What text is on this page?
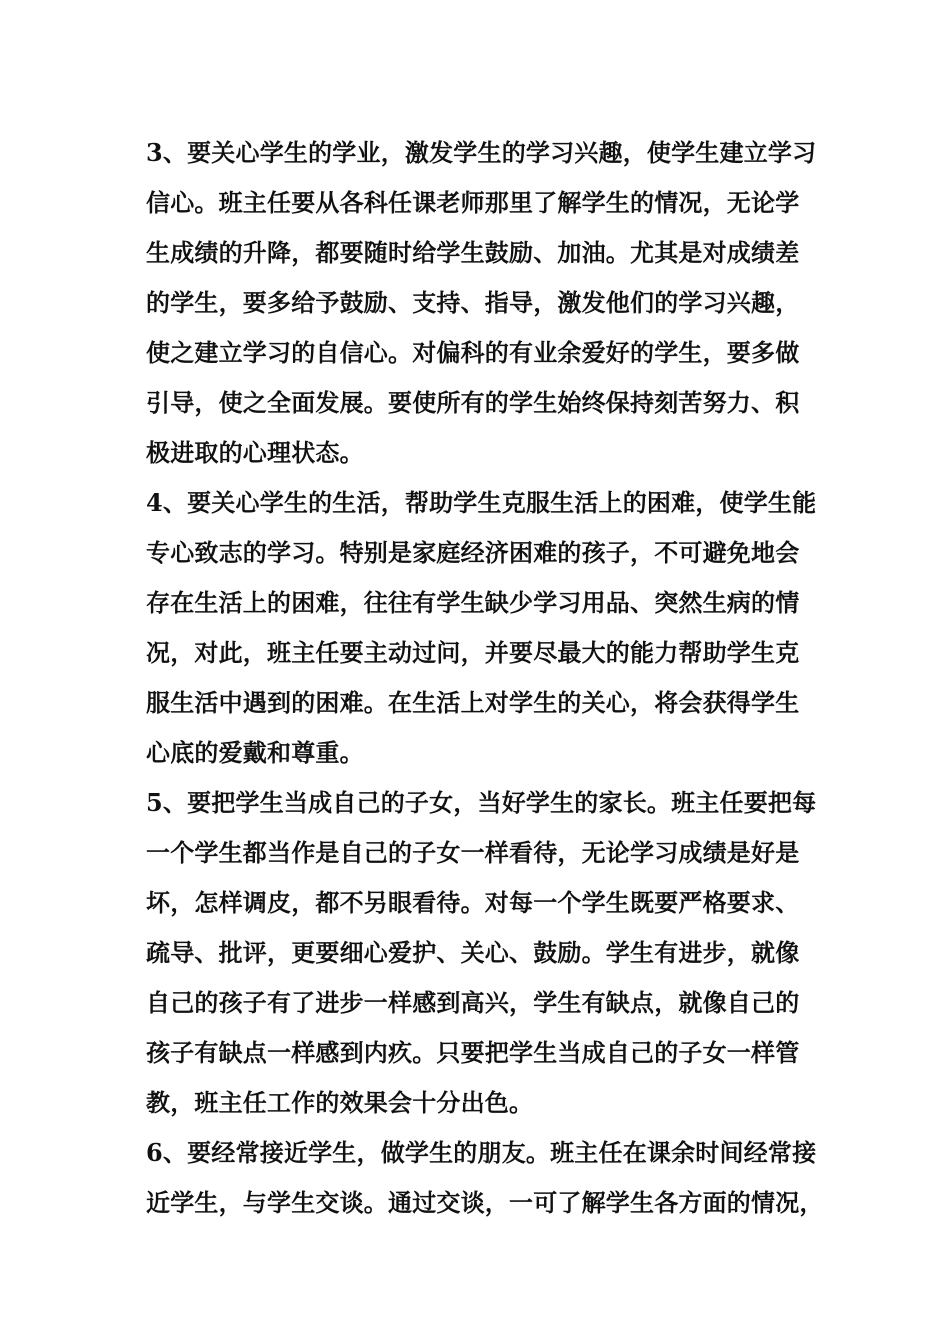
3、要关心学生的学业，激发学生的学习兴趣，使学生建立学习
信心。班主任要从各科任课老师那里了解学生的情况，无论学
生成绩的升降，都要随时给学生鼓励、加油。尤其是对成绩差
的学生，要多给予鼓励、支持、指导，激发他们的学习兴趣，
使之建立学习的自信心。对偏科的有业余爱好的学生，要多做
引导，使之全面发展。要使所有的学生始终保持刻苦努力、积
极进取的心理状态。
4、要关心学生的生活，帮助学生克服生活上的困难，使学生能
专心致志的学习。特别是家庭经济困难的孩子，不可避免地会
存在生活上的困难，往往有学生缺少学习用品、突然生病的情
况，对此，班主任要主动过问，并要尽最大的能力帮助学生克
服生活中遇到的困难。在生活上对学生的关心，将会获得学生
心底的爱戴和尊重。
5、要把学生当成自己的子女，当好学生的家长。班主任要把每
一个学生都当作是自己的子女一样看待，无论学习成绩是好是
坏，怎样调皮，都不另眼看待。对每一个学生既要严格要求、
疏导、批评，更要细心爱护、关心、鼓励。学生有进步，就像
自己的孩子有了进步一样感到高兴，学生有缺点，就像自己的
孩子有缺点一样感到内疚。只要把学生当成自己的子女一样管
教，班主任工作的效果会十分出色。
6、要经常接近学生，做学生的朋友。班主任在课余时间经常接
近学生，与学生交谈。通过交谈，一可了解学生各方面的情况，
